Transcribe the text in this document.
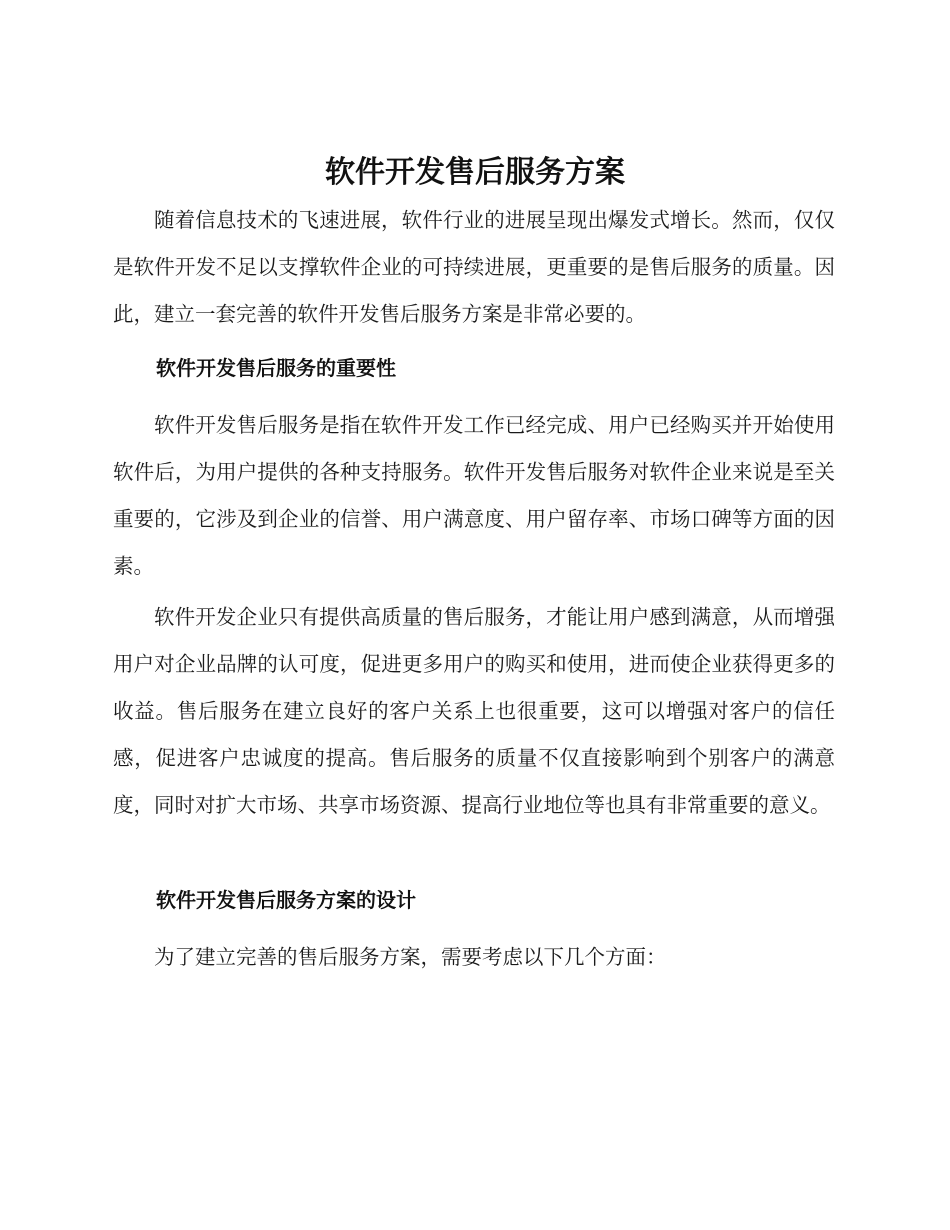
软件开发售后服务方案

随着信息技术的飞速进展，软件行业的进展呈现出爆发式增长。然而，仅仅是软件开发不足以支撑软件企业的可持续进展，更重要的是售后服务的质量。因此，建立一套完善的软件开发售后服务方案是非常必要的。

软件开发售后服务的重要性

软件开发售后服务是指在软件开发工作已经完成、用户已经购买并开始使用软件后，为用户提供的各种支持服务。软件开发售后服务对软件企业来说是至关重要的，它涉及到企业的信誉、用户满意度、用户留存率、市场口碑等方面的因素。

软件开发企业只有提供高质量的售后服务，才能让用户感到满意，从而增强用户对企业品牌的认可度，促进更多用户的购买和使用，进而使企业获得更多的收益。售后服务在建立良好的客户关系上也很重要，这可以增强对客户的信任感，促进客户忠诚度的提高。售后服务的质量不仅直接影响到个别客户的满意度，同时对扩大市场、共享市场资源、提高行业地位等也具有非常重要的意义。

软件开发售后服务方案的设计

为了建立完善的售后服务方案，需要考虑以下几个方面：
